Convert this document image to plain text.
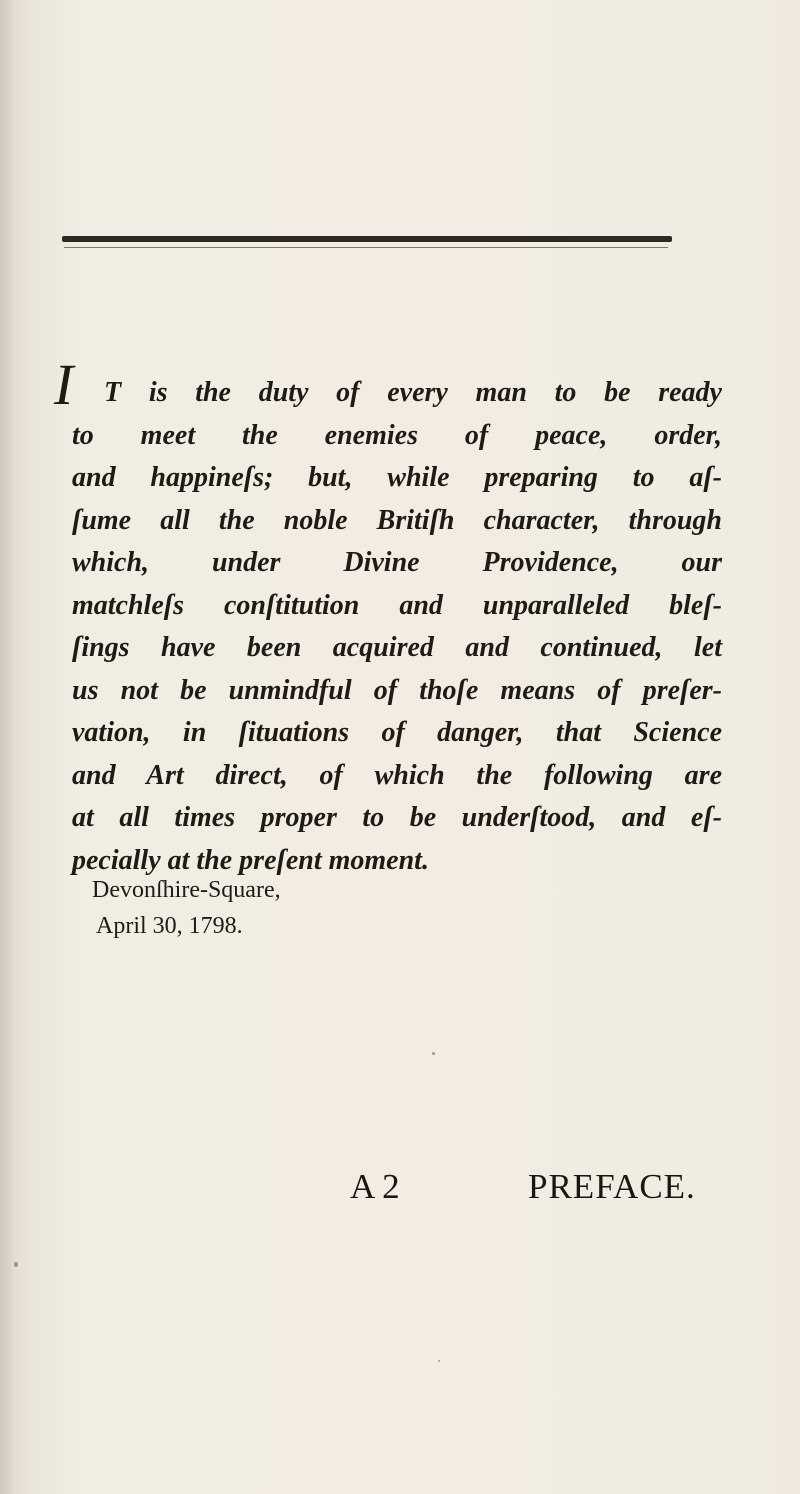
I	T is the duty of every man to be ready
to meet the enemies of peace, order,
and happineſs; but, while preparing to aſ-
ſume all the noble Britiſh character, through
which, under Divine Providence, our
matchleſs conſtitution and unparalleled bleſ-
ſings have been acquired and continued, let
us not be unmindful of thoſe means of preſer-
vation, in ſituations of danger, that Science
and Art direct, of which the following are
at all times proper to be underſtood, and eſ-
pecially at the preſent moment.
Devonſhire-Square,
April 30, 1798.
A 2	PREFACE.
